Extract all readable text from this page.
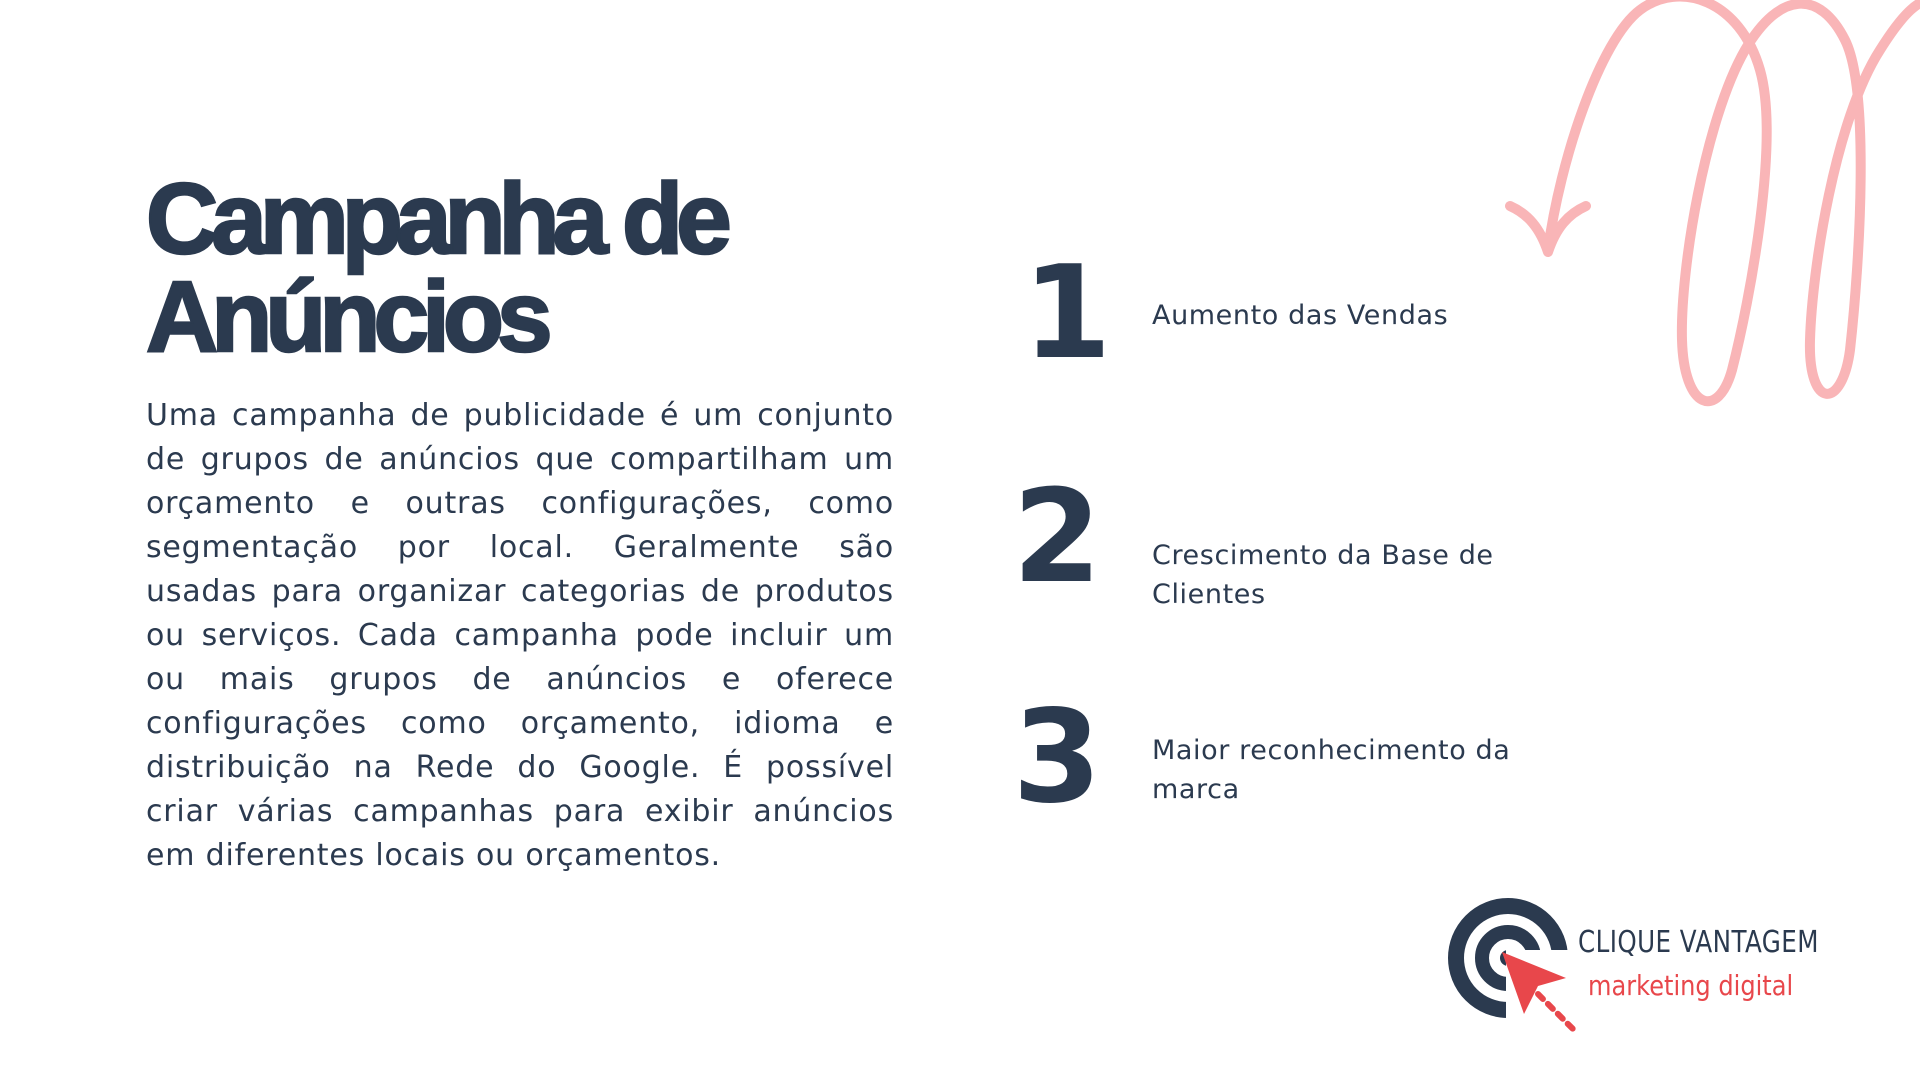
Campanha de
Anúncios

Uma campanha de publicidade é um conjunto de grupos de anúncios que compartilham um orçamento e outras configurações, como segmentação por local. Geralmente são usadas para organizar categorias de produtos ou serviços. Cada campanha pode incluir um ou mais grupos de anúncios e oferece configurações como orçamento, idioma e distribuição na Rede do Google. É possível criar várias campanhas para exibir anúncios em diferentes locais ou orçamentos.

1	Aumento das Vendas
2	Crescimento da Base de Clientes
3	Maior reconhecimento da marca
CLIQUE VANTAGEM
marketing digital
